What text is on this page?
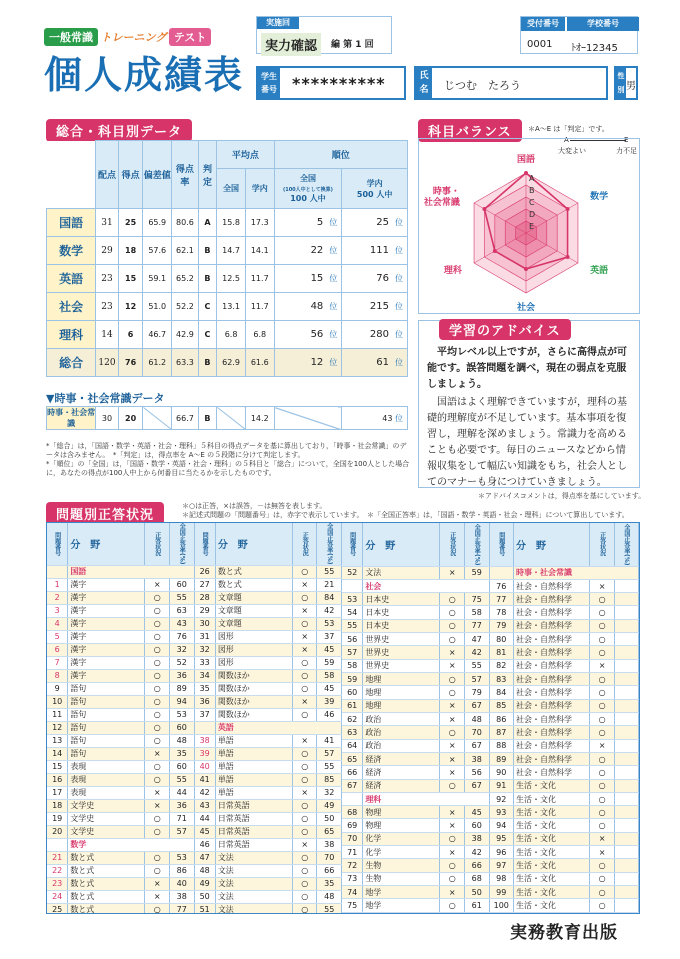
一般常識 トレーニング テスト
個人成績表
実施回
実力確認	編 第 1 回
受付番号	学校番号
0001 ﾄｵｰ12345
学生番号 **********	氏名	じつむ　たろう
性別 男
総合・科目別データ
	配点	得点	偏差値	得点率	判定	平均点		順位	
						全国	学内	全国
(100人中として換算)
100 人中	学内
500 人中
国語	31	25	65.9	80.6	A	15.8	17.3	5 位	25 位
数学	29	18	57.6	62.1	B	14.7	14.1	22 位	111 位
英語	23	15	59.1	65.2	B	12.5	11.7	15 位	76 位
社会	23	12	51.0	52.2	C	13.1	11.7	48 位	215 位
理科	14	6	46.7	42.9	C	6.8	6.8	56 位	280 位
総合	120	76	61.2	63.3	B	62.9	61.6	12 位	61 位
▼時事・社会常識データ
時事・社会常識	30	20		66.7	B		14.2		43 位
*「総合」は，「国語・数学・英語・社会・理科」５科目の得点データを基に算出しており，「時事・社会常識」のデータは含みません。　*「判定」は，得点率を A～E の５段階に分けて判定します。
*「順位」の「全国」は，「国語・数学・英語・社会・理科」の５科目と「総合」について，全国を100人とした場合に，あなたの得点が100人中上から何番目に当たるかを示したものです。
科目バランス	＊A～E は「判定」です。
A	E
大変よい	力不足
A
B
C
D
E
国語
数学
英語
社会
理科
時事・社会常識
学習のアドバイス
平均レベル以上ですが，さらに高得点が可能です。誤答問題を調べ，現在の弱点を克服しましょう。
国語はよく理解できていますが，理科の基礎的理解度が不足しています。基本事項を復習し，理解を深めましょう。常識力を高めることも必要です。毎日のニュースなどから情報収集をして幅広い知識をもち，社会人としてのマナーも身につけていきましょう。
＊アドバイスコメントは，得点率を基にしています。
問題別正答状況
＊○は正答，×は誤答，－は無答を表します。
＊記述式問題の「問題番号」は，赤字で表示しています。　＊「全国正答率」は，「国語・数学・英語・社会・理科」について算出しています。
問題番号	分　野	正答状況	全国正答率(%)
	国語		
1	漢字	×	60
2	漢字	○	55
3	漢字	○	63
4	漢字	○	43
5	漢字	○	76
6	漢字	○	32
7	漢字	○	52
8	漢字	○	36
9	語句	○	89
10	語句	○	94
11	語句	○	53
12	語句	○	60
13	語句	○	48
14	語句	×	35
15	表現	○	60
16	表現	○	55
17	表現	×	44
18	文学史	×	36
19	文学史	○	71
20	文学史	○	57
	数学		
21	数と式	○	53
22	数と式	○	86
23	数と式	×	40
24	数と式	×	38
25	数と式	○	77
問題番号	分　野	正答状況	全国正答率(%)
26	数と式	○	55
27	数と式	×	21
28	文章題	○	84
29	文章題	×	42
30	文章題	○	53
31	図形	×	37
32	図形	×	45
33	図形	○	59
34	関数ほか	○	58
35	関数ほか	○	45
36	関数ほか	×	39
37	関数ほか	○	46
	英語		
38	単語	×	41
39	単語	○	57
40	単語	○	55
41	単語	○	85
42	単語	×	32
43	日常英語	○	49
44	日常英語	○	50
45	日常英語	○	65
46	日常英語	×	38
47	文法	○	70
48	文法	○	66
49	文法	○	35
50	文法	○	48
51	文法	○	55
問題番号	分　野	正答状況	全国正答率(%)
52	文法	×	59
	社会		
53	日本史	○	75
54	日本史	○	58
55	日本史	○	77
56	世界史	○	47
57	世界史	×	42
58	世界史	×	55
59	地理	○	57
60	地理	○	79
61	地理	×	67
62	政治	×	48
63	政治	○	70
64	政治	×	67
65	経済	×	38
66	経済	×	56
67	経済	○	67
	理科		
68	物理	×	45
69	物理	×	60
70	化学	○	38
71	化学	×	42
72	生物	○	66
73	生物	○	68
74	地学	×	50
75	地学	○	61
問題番号	分　野	正答状況	全国正答率(%)
	時事・社会常識		
76	社会・自然科学	×	
77	社会・自然科学	○	
78	社会・自然科学	○	
79	社会・自然科学	○	
80	社会・自然科学	○	
81	社会・自然科学	○	
82	社会・自然科学	×	
83	社会・自然科学	○	
84	社会・自然科学	○	
85	社会・自然科学	○	
86	社会・自然科学	○	
87	社会・自然科学	○	
88	社会・自然科学	×	
89	社会・自然科学	○	
90	社会・自然科学	○	
91	生活・文化	○	
92	生活・文化	○	
93	生活・文化	○	
94	生活・文化	○	
95	生活・文化	×	
96	生活・文化	×	
97	生活・文化	○	
98	生活・文化	○	
99	生活・文化	○	
100	生活・文化	○	
実務教育出版
